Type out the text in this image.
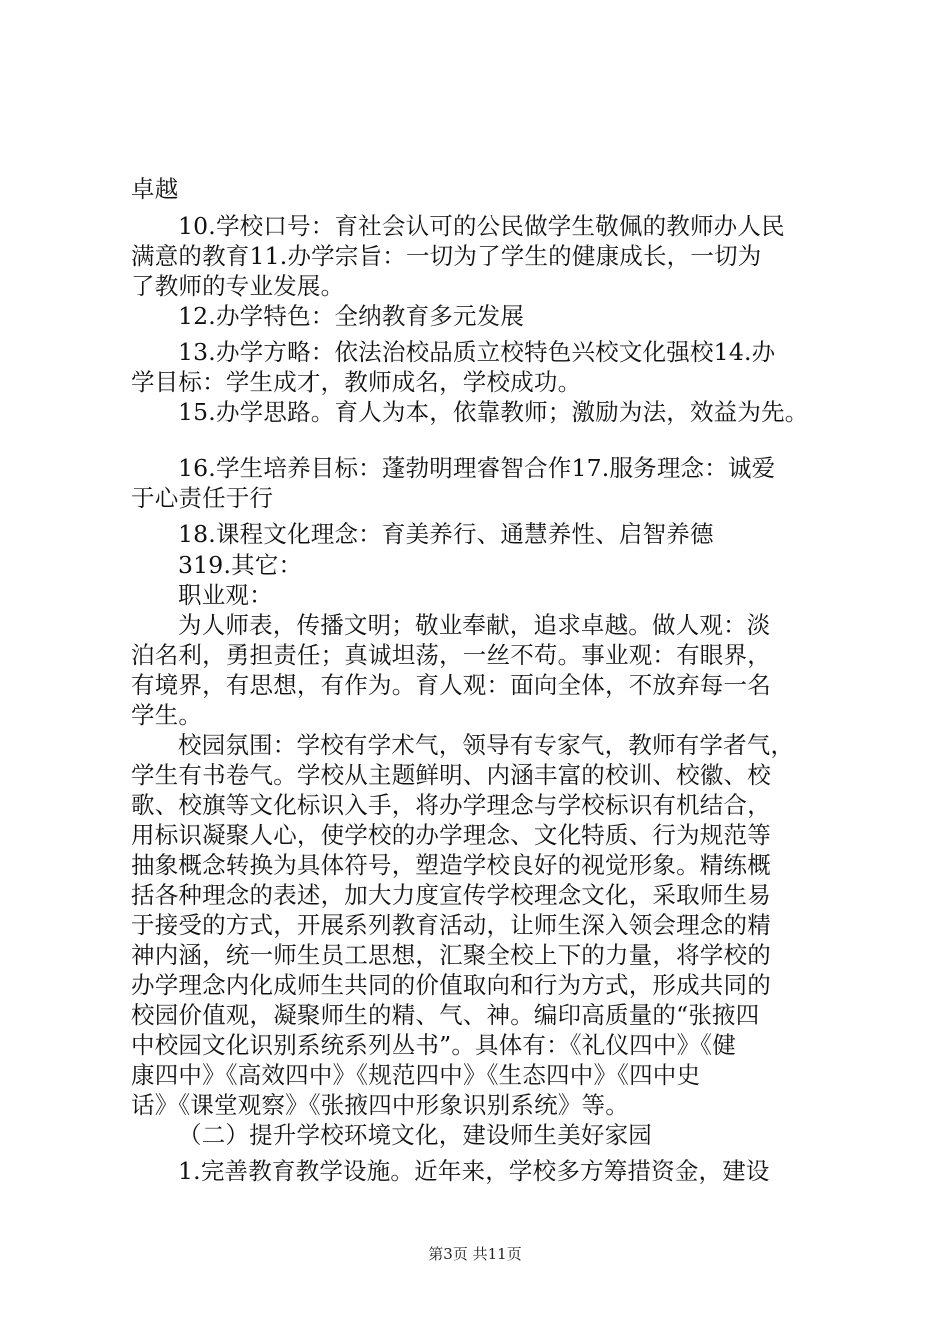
卓越
10.学校口号：育社会认可的公民做学生敬佩的教师办人民
满意的教育11.办学宗旨：一切为了学生的健康成长，一切为
了教师的专业发展。
12.办学特色：全纳教育多元发展
13.办学方略：依法治校品质立校特色兴校文化强校14.办
学目标：学生成才，教师成名，学校成功。
15.办学思路。育人为本，依靠教师；激励为法，效益为先。
16.学生培养目标：蓬勃明理睿智合作17.服务理念：诚爱
于心责任于行
18.课程文化理念：育美养行、通慧养性、启智养德
319.其它：
职业观：
为人师表，传播文明；敬业奉献，追求卓越。做人观：淡
泊名利，勇担责任；真诚坦荡，一丝不苟。事业观：有眼界，
有境界，有思想，有作为。育人观：面向全体，不放弃每一名
学生。
校园氛围：学校有学术气，领导有专家气，教师有学者气，
学生有书卷气。学校从主题鲜明、内涵丰富的校训、校徽、校
歌、校旗等文化标识入手，将办学理念与学校标识有机结合，
用标识凝聚人心，使学校的办学理念、文化特质、行为规范等
抽象概念转换为具体符号，塑造学校良好的视觉形象。精练概
括各种理念的表述，加大力度宣传学校理念文化，采取师生易
于接受的方式，开展系列教育活动，让师生深入领会理念的精
神内涵，统一师生员工思想，汇聚全校上下的力量，将学校的
办学理念内化成师生共同的价值取向和行为方式，形成共同的
校园价值观，凝聚师生的精、气、神。编印高质量的“张掖四
中校园文化识别系统系列丛书”。具体有：《礼仪四中》《健
康四中》《高效四中》《规范四中》《生态四中》《四中史
话》《课堂观察》《张掖四中形象识别系统》等。
（二）提升学校环境文化，建设师生美好家园
1.完善教育教学设施。近年来，学校多方筹措资金，建设
第3页 共11页
